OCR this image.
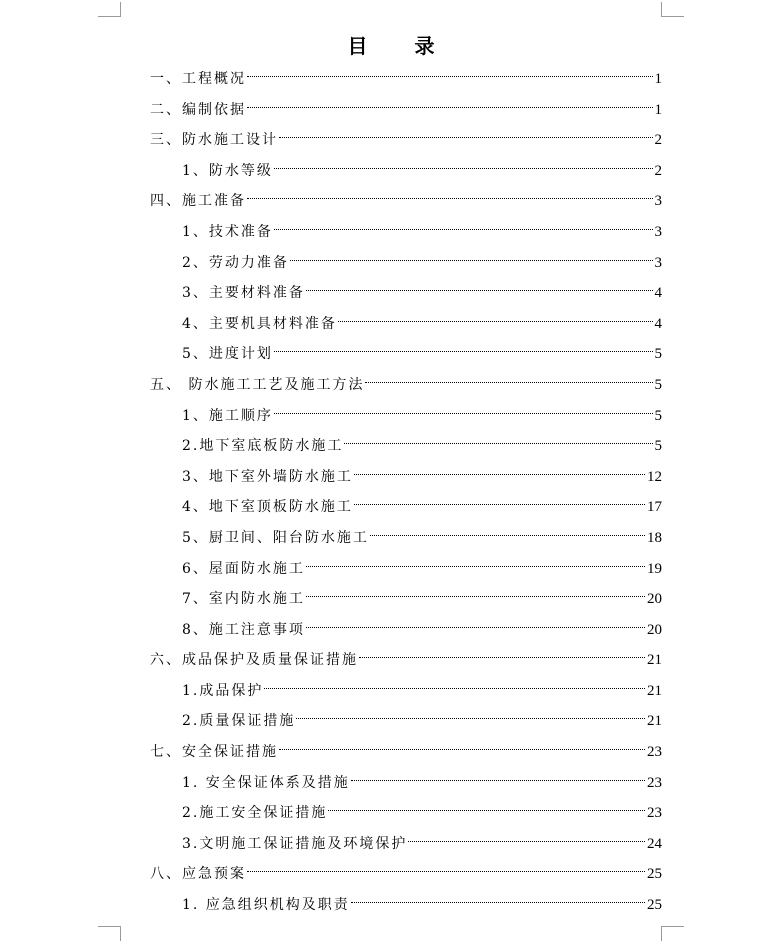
目 录
一、工程概况	1
二、编制依据	1
三、防水施工设计	2
1、防水等级	2
四、施工准备	3
1、技术准备	3
2、劳动力准备	3
3、主要材料准备	4
4、主要机具材料准备	4
5、进度计划	5
五、 防水施工工艺及施工方法	5
1、施工顺序	5
2.地下室底板防水施工	5
3、地下室外墙防水施工	12
4、地下室顶板防水施工	17
5、厨卫间、阳台防水施工	18
6、屋面防水施工	19
7、室内防水施工	20
8、施工注意事项	20
六、成品保护及质量保证措施	21
1.成品保护	21
2.质量保证措施	21
七、安全保证措施	23
1. 安全保证体系及措施	23
2.施工安全保证措施	23
3.文明施工保证措施及环境保护	24
八、应急预案	25
1. 应急组织机构及职责	25
